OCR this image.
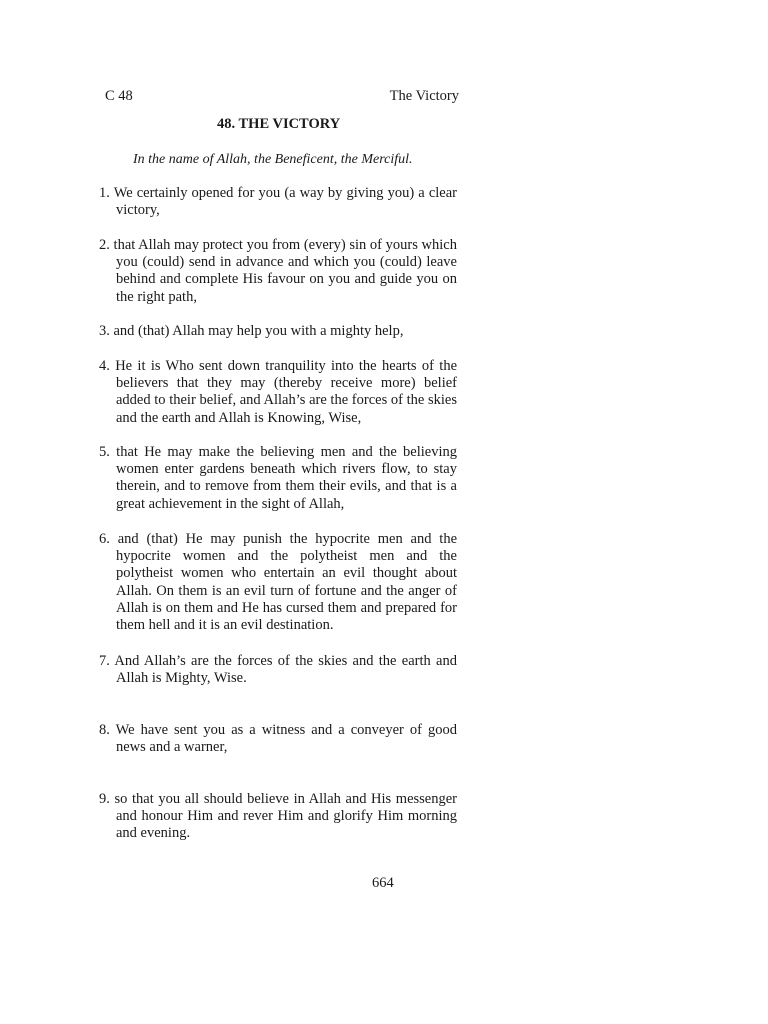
C 48	The Victory
48. THE VICTORY
In the name of Allah, the Beneficent, the Merciful.

1. We certainly opened for you (a way by giving you) a clear victory,

2. that Allah may protect you from (every) sin of yours which you (could) send in advance and which you (could) leave behind and complete His favour on you and guide you on the right path,

3. and (that) Allah may help you with a mighty help,

4. He it is Who sent down tranquility into the hearts of the believers that they may (thereby receive more) belief added to their belief, and Allah’s are the forces of the skies and the earth and Allah is Knowing, Wise,

5. that He may make the believing men and the believing women enter gardens beneath which rivers flow, to stay therein, and to remove from them their evils, and that is a great achievement in the sight of Allah,

6. and (that) He may punish the hypocrite men and the hypocrite women and the polytheist men and the polytheist women who entertain an evil thought about Allah. On them is an evil turn of fortune and the anger of Allah is on them and He has cursed them and prepared for them hell and it is an evil destination.

7. And Allah’s are the forces of the skies and the earth and Allah is Mighty, Wise.

8. We have sent you as a witness and a conveyer of good news and a warner,

9. so that you all should believe in Allah and His messenger and honour Him and rever Him and glorify Him morning and evening.

664
